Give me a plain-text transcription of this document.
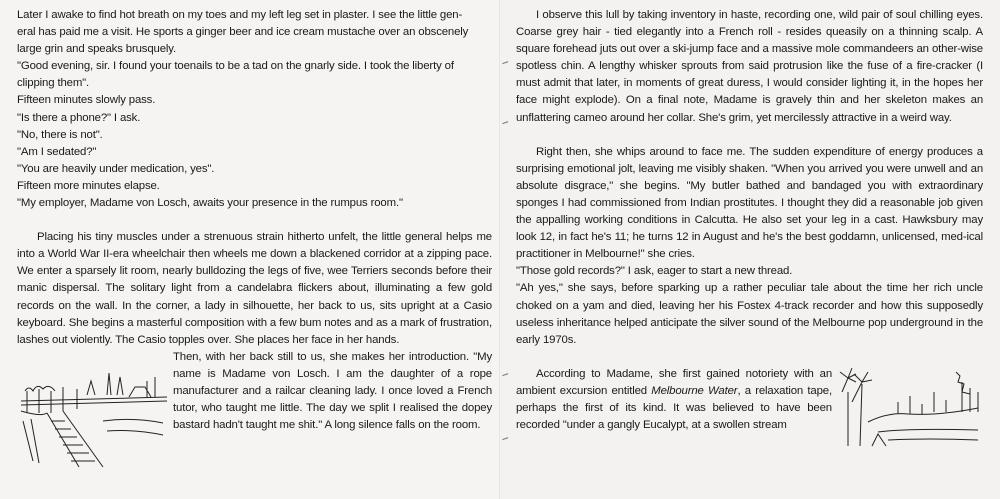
Later I awake to find hot breath on my toes and my left leg set in plaster. I see the little gen-

eral has paid me a visit. He sports a ginger beer and ice cream mustache over an obscenely

large grin and speaks brusquely.

"Good evening, sir. I found your toenails to be a tad on the gnarly side. I took the liberty of clipping them".

Fifteen minutes slowly pass.

"Is there a phone?" I ask.

"No, there is not".

"Am I sedated?"

"You are heavily under medication, yes".

Fifteen more minutes elapse.

"My employer, Madame von Losch, awaits your presence in the rumpus room."

Placing his tiny muscles under a strenuous strain hitherto unfelt, the little general helps me into a World War II-era wheelchair then wheels me down a blackened corridor at a zipping pace. We enter a sparsely lit room, nearly bulldozing the legs of five, wee Terriers seconds before their manic dispersal. The solitary light from a candelabra flickers about, illuminating a few gold records on the wall. In the corner, a lady in silhouette, her back to us, sits upright at a Casio keyboard. She begins a masterful composition with a few bum notes and as a mark of frustration, lashes out violently. The Casio topples over. She places her face in her hands.

Then, with her back still to us, she makes her introduction. "My name is Madame von Losch. I am the daughter of a rope manufacturer and a railcar cleaning lady. I once loved a French tutor, who taught me little. The day we split I realised the dopey bastard hadn't taught me shit." A long silence falls on the room.

I observe this lull by taking inventory in haste, recording one, wild pair of soul chilling eyes. Coarse grey hair - tied elegantly into a French roll - resides queasily on a thinning scalp. A square forehead juts out over a ski-jump face and a massive mole commandeers an other-wise spotless chin. A lengthy whisker sprouts from said protrusion like the fuse of a fire-cracker (I must admit that later, in moments of great duress, I would consider lighting it, in the hopes her face might explode). On a final note, Madame is gravely thin and her skeleton makes an unflattering cameo around her collar. She's grim, yet mercilessly attractive in a weird way.

Right then, she whips around to face me. The sudden expenditure of energy produces a surprising emotional jolt, leaving me visibly shaken. "When you arrived you were unwell and an absolute disgrace," she begins. "My butler bathed and bandaged you with extraordinary sponges I had commissioned from Indian prostitutes. I thought they did a reasonable job given the appalling working conditions in Calcutta. He also set your leg in a cast. Hawksbury may look 12, in fact he's 11; he turns 12 in August and he's the best goddamn, unlicensed, med-ical practitioner in Melbourne!" she cries.

"Those gold records?" I ask, eager to start a new thread.

"Ah yes," she says, before sparking up a rather peculiar tale about the time her rich uncle choked on a yam and died, leaving her his Fostex 4-track recorder and how this supposedly useless inheritance helped anticipate the silver sound of the Melbourne pop underground in the early 1970s.

According to Madame, she first gained notoriety with an ambient excursion entitled Melbourne Water, a relaxation tape, perhaps the first of its kind. It was believed to have been recorded "under a gangly Eucalypt, at a swollen stream
